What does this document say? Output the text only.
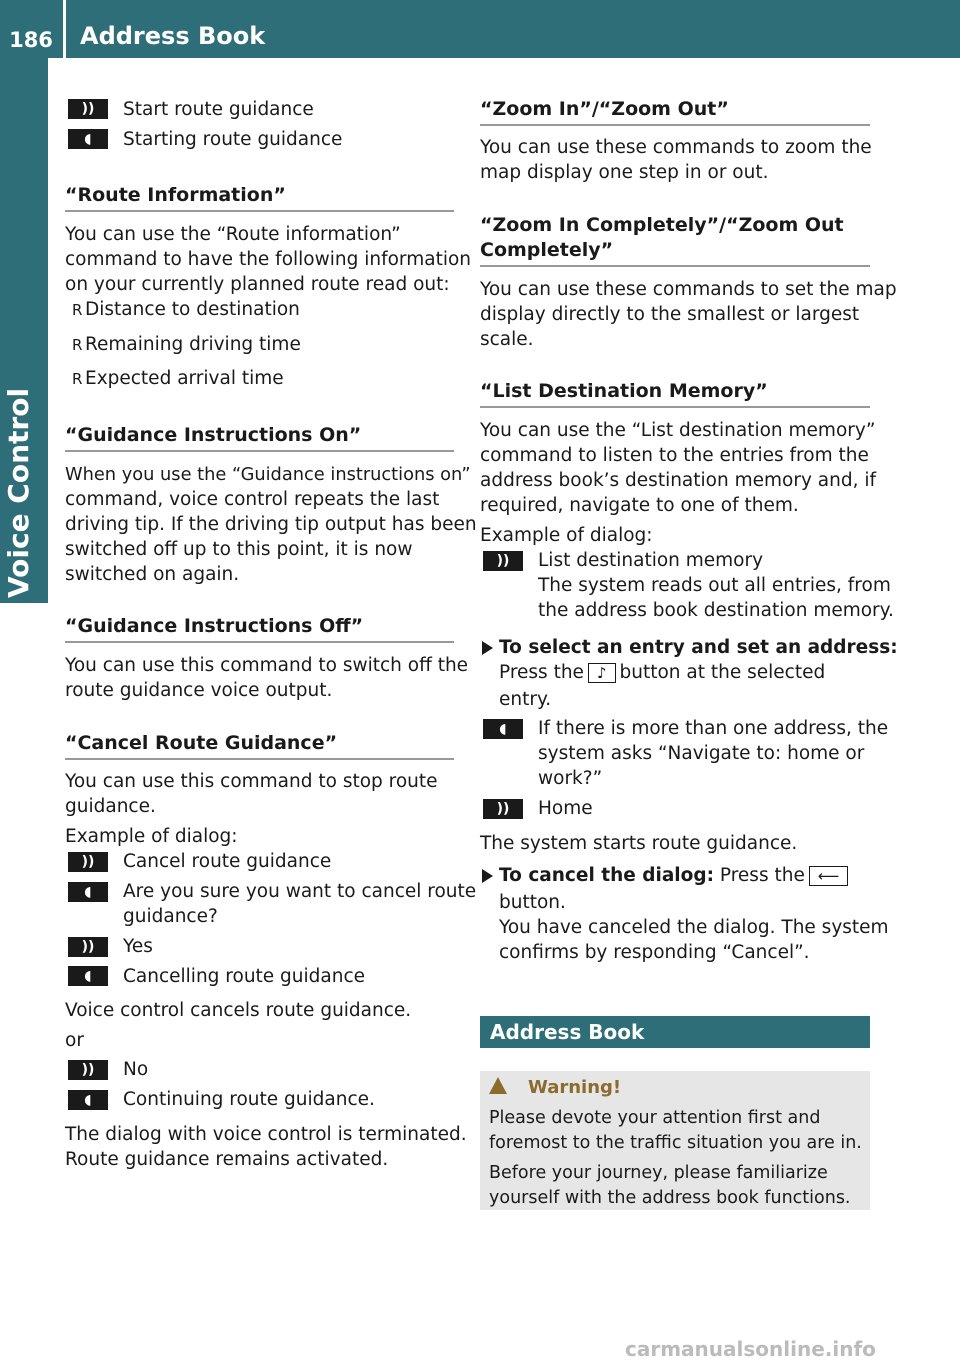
186	Address Book
Voice Control
))	Start route guidance
◖	Starting route guidance
“Route Information”
You can use the “Route information”
command to have the following information
on your currently planned route read out:
R Distance to destination
R Remaining driving time
R Expected arrival time
“Guidance Instructions On”
When you use the “Guidance instructions on”
command, voice control repeats the last
driving tip. If the driving tip output has been
switched off up to this point, it is now
switched on again.
“Guidance Instructions Off”
You can use this command to switch off the
route guidance voice output.
“Cancel Route Guidance”
You can use this command to stop route
guidance.
Example of dialog:
))	Cancel route guidance
◖	Are you sure you want to cancel route
guidance?
))	Yes
◖	Cancelling route guidance
Voice control cancels route guidance.
or
))	No
◖	Continuing route guidance.
The dialog with voice control is terminated.
Route guidance remains activated.
“Zoom In”/“Zoom Out”
You can use these commands to zoom the
map display one step in or out.
“Zoom In Completely”/“Zoom Out
Completely”
You can use these commands to set the map
display directly to the smallest or largest
scale.
“List Destination Memory”
You can use the “List destination memory”
command to listen to the entries from the
address book’s destination memory and, if
required, navigate to one of them.
Example of dialog:
))	List destination memory
The system reads out all entries, from
the address book destination memory.
To select an entry and set an address:
Press the ♪ button at the selected
entry.
◖	If there is more than one address, the
system asks “Navigate to: home or
work?”
))	Home
The system starts route guidance.
To cancel the dialog: Press the ⟵
button.
You have canceled the dialog. The system
confirms by responding “Cancel”.
Address Book
Warning!
Please devote your attention first and
foremost to the traffic situation you are in.
Before your journey, please familiarize
yourself with the address book functions.
carmanualsonline.info
